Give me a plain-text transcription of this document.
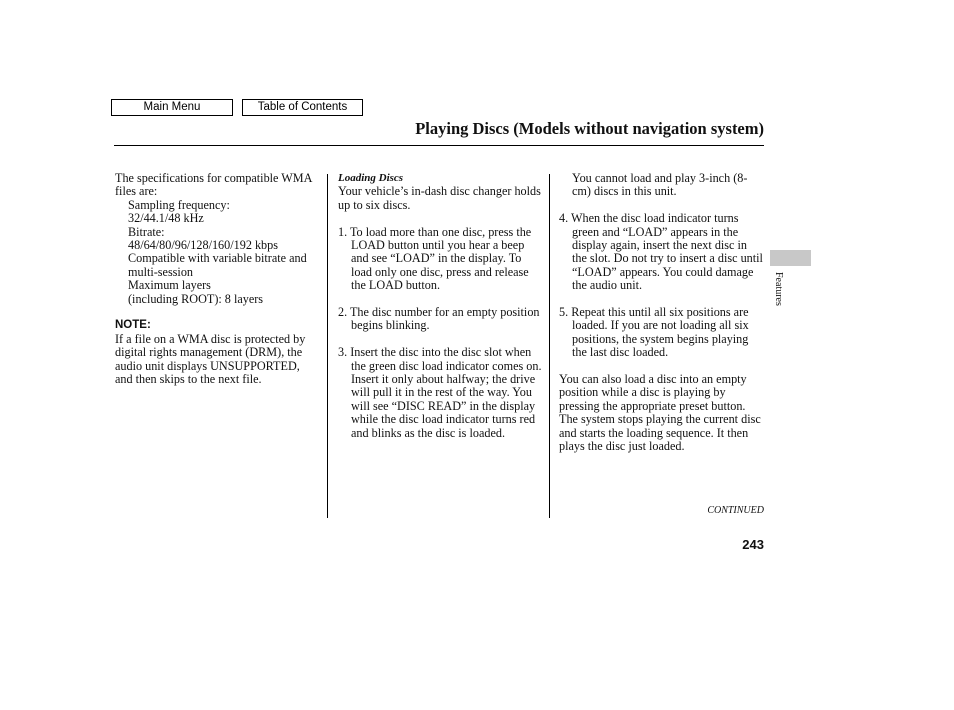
Main Menu	Table of Contents
Playing Discs (Models without navigation system)

The specifications for compatible WMA files are:

Sampling frequency:

32/44.1/48 kHz

Bitrate:

48/64/80/96/128/160/192 kbps

Compatible with variable bitrate and multi-session

Maximum layers

(including ROOT): 8 layers

NOTE:

If a file on a WMA disc is protected by digital rights management (DRM), the audio unit displays UNSUPPORTED, and then skips to the next file.

Loading Discs

Your vehicle’s in-dash disc changer holds up to six discs.

1. To load more than one disc, press the LOAD button until you hear a beep and see “LOAD” in the display. To load only one disc, press and release the LOAD button.

2. The disc number for an empty position begins blinking.

3. Insert the disc into the disc slot when the green disc load indicator comes on. Insert it only about halfway; the drive will pull it in the rest of the way. You will see “DISC READ” in the display while the disc load indicator turns red and blinks as the disc is loaded.

You cannot load and play 3-inch (8-cm) discs in this unit.

4. When the disc load indicator turns green and “LOAD” appears in the display again, insert the next disc in the slot. Do not try to insert a disc until “LOAD” appears. You could damage the audio unit.

5. Repeat this until all six positions are loaded. If you are not loading all six positions, the system begins playing the last disc loaded.

You can also load a disc into an empty position while a disc is playing by pressing the appropriate preset button. The system stops playing the current disc and starts the loading sequence. It then plays the disc just loaded.

Features
CONTINUED
243
